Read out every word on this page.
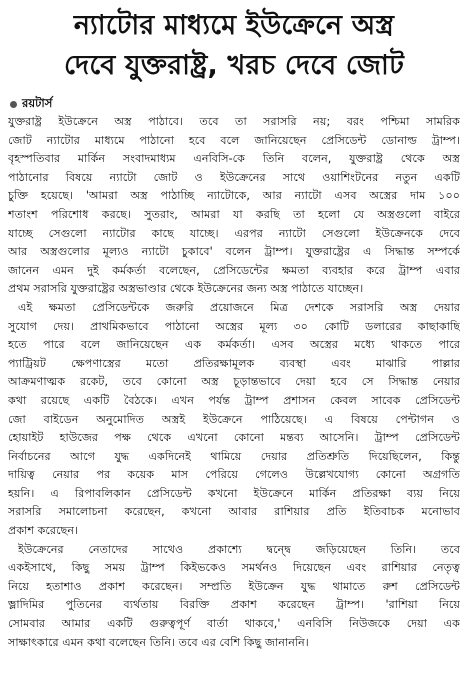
ন্যাটোর মাধ্যমে ইউক্রেনে অস্ত্র
দেবে যুক্তরাষ্ট্র, খরচ দেবে জোট
রয়টার্স

যুক্তরাষ্ট্র ইউক্রেনে অস্ত্র পাঠাবে। তবে তা সরাসরি নয়; বরং পশ্চিমা সামরিক
জোট ন্যাটোর মাধ্যমে পাঠানো হবে বলে জানিয়েছেন প্রেসিডেন্ট ডোনাল্ড ট্রাম্প।
বৃহস্পতিবার মার্কিন সংবাদমাধ্যম এনবিসি-কে তিনি বলেন, যুক্তরাষ্ট্র থেকে অস্ত্র
পাঠানোর বিষয়ে ন্যাটো জোট ও ইউক্রেনের সাথে ওয়াশিংটনের নতুন একটি
চুক্তি হয়েছে। 'আমরা অস্ত্র পাঠাচ্ছি ন্যাটোকে, আর ন্যাটো এসব অস্ত্রের দাম ১০০
শতাংশ পরিশোধ করছে। সুতরাং, আমরা যা করছি তা হলো যে অস্ত্রগুলো বাইরে
যাচ্ছে সেগুলো ন্যাটোর কাছে যাচ্ছে। এরপর ন্যাটো সেগুলো ইউক্রেনকে দেবে
আর অস্ত্রগুলোর মূল্যও ন্যাটো চুকাবে' বলেন ট্রাম্প। যুক্তরাষ্ট্রের এ সিদ্ধান্ত সম্পর্কে
জানেন এমন দুই কর্মকর্তা বলেছেন, প্রেসিডেন্টের ক্ষমতা ব্যবহার করে ট্রাম্প এবার
প্রথম সরাসরি যুক্তরাষ্ট্রের অস্ত্রভাণ্ডার থেকে ইউক্রেনের জন্য অস্ত্র পাঠাতে যাচ্ছেন।

এই ক্ষমতা প্রেসিডেন্টকে জরুরি প্রয়োজনে মিত্র দেশকে সরাসরি অস্ত্র দেয়ার
সুযোগ দেয়। প্রাথমিকভাবে পাঠানো অস্ত্রের মূল্য ৩০ কোটি ডলারের কাছাকাছি
হতে পারে বলে জানিয়েছেন এক কর্মকর্তা। এসব অস্ত্রের মধ্যে থাকতে পারে
প্যাট্রিয়ট ক্ষেপণাস্ত্রের মতো প্রতিরক্ষামূলক ব্যবস্থা এবং মাঝারি পাল্লার
আক্রমণাত্মক রকেট, তবে কোনো অস্ত্র চূড়ান্তভাবে দেয়া হবে সে সিদ্ধান্ত নেয়ার
কথা রয়েছে একটি বৈঠকে। এখন পর্যন্ত ট্রাম্প প্রশাসন কেবল সাবেক প্রেসিডেন্ট
জো বাইডেন অনুমোদিত অস্ত্রই ইউক্রেনে পাঠিয়েছে। এ বিষয়ে পেন্টাগন ও
হোয়াইট হাউজের পক্ষ থেকে এখনো কোনো মন্তব্য আসেনি। ট্রাম্প প্রেসিডেন্ট
নির্বাচনের আগে যুদ্ধ একদিনেই থামিয়ে দেয়ার প্রতিশ্রুতি দিয়েছিলেন, কিন্তু
দায়িত্ব নেয়ার পর কয়েক মাস পেরিয়ে গেলেও উল্লেখযোগ্য কোনো অগ্রগতি
হয়নি। এ রিপাবলিকান প্রেসিডেন্ট কখনো ইউক্রেনে মার্কিন প্রতিরক্ষা ব্যয় নিয়ে
সরাসরি সমালোচনা করেছেন, কখনো আবার রাশিয়ার প্রতি ইতিবাচক মনোভাব
প্রকাশ করেছেন।

ইউক্রেনের নেতাদের সাথেও প্রকাশ্যে দ্বন্দ্বে জড়িয়েছেন তিনি। তবে
একইসাথে, কিছু সময় ট্রাম্প কিইভকেও সমর্থনও দিয়েছেন এবং রাশিয়ার নেতৃত্ব
নিয়ে হতাশাও প্রকাশ করেছেন। সম্প্রতি ইউক্রেন যুদ্ধ থামাতে রুশ প্রেসিডেন্ট
ভ্লাদিমির পুতিনের ব্যর্থতায় বিরক্তি প্রকাশ করেছেন ট্রাম্প। 'রাশিয়া নিয়ে
সোমবার আমার একটি গুরুত্বপূর্ণ বার্তা থাকবে,' এনবিসি নিউজকে দেয়া এক
সাক্ষাৎকারে এমন কথা বলেছেন তিনি। তবে এর বেশি কিছু জানাননি।
